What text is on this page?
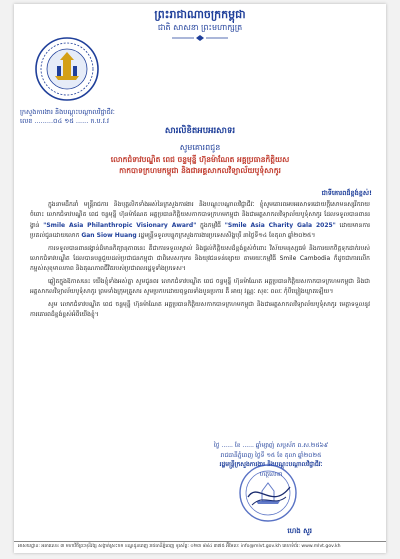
ព្រះរាជាណាចក្រកម្ពុជា
ជាតិ សាសនា ព្រះមហាក្សត្រ
ក្រសួងការងារ និងបណ្តុះបណ្តាលវិជ្ជាជីវៈ
លេខ .........០៤ ១៥ ...... ក.ប.វ.វ
សារលិខិតអបអរសាទរ
សូមគោរពជូន
លោកជំទាវបណ្ឌិត ពេជ ចន្ទមុន្នី ហ៊ុនម៉ាណែត អគ្គប្រធានកិត្តិយស
កាកបាទក្រហមកម្ពុជា និងជាអគ្គសាកលវិទ្យាល័យបូទុំសាកូរ
ជាទីគោរពដ៏ខ្ពង់ខ្ពស់!

ក្នុងនាមដឹកនាំ មន្ត្រីរាជការ និងបុគ្គលិកទាំងអស់នៃក្រសួងការងារ និងបណ្តុះបណ្តាលវិជ្ជាជីវៈ ខ្ញុំសូមគោរពអបអរសាទរដោយក្តីសោមនស្សរីករាយ ចំពោះ លោកជំទាវបណ្ឌិត ពេជ ចន្ទមុន្នី ហ៊ុនម៉ាណែត អគ្គប្រធានកិត្តិយសកាកបាទក្រហមកម្ពុជា និងជាអគ្គសាកលវិទ្យាល័យបូទុំសាកូរ ដែលទទួលបានពានរង្វាន់ "Smile Asia Philanthropic Visionary Award" ក្នុងកម្មវិធី "Smile Asia Charity Gala 2025" ដោយមានការប្រគល់ជូនដោយលោក Gan Siow Huang រដ្ឋមន្ត្រីទទួលបន្ទុកក្រសួងការងារប្រទេសសិង្ហបុរី នាថ្ងៃទី១៤ ខែតុលា ឆ្នាំ២០២៥។

ការទទួលបានពានរង្វាន់ដ៏មានកិត្យានុភាពនេះ គឺជាការទទួលស្គាល់ និងផ្តល់កិត្តិយសដ៏ខ្ពង់ខ្ពស់ចំពោះ វិស័យមនុស្សធម៌ និងការយកចិត្តទុកដាក់របស់ លោកជំទាវបណ្ឌិត ដែលបានបន្តជួយដល់ប្រជាជនកម្ពុជា ជាពិសេសកុមារ និងយុវជនទន់ខ្សោយ តាមរយៈកម្មវិធី Smile Cambodia ក៏ដូចជាការលើកកម្ពស់សុខុមាលភាព និងគុណភាពជីវិតរបស់ប្រជាពលរដ្ឋទូទាំងប្រទេស។

ឆ្លៀតក្នុងឱកាសនេះ យើងខ្ញុំទាំងអស់គ្នា សូមជូនពរ លោកជំទាវបណ្ឌិត ពេជ ចន្ទមុន្នី ហ៊ុនម៉ាណែត អគ្គប្រធានកិត្តិយសកាកបាទក្រហមកម្ពុជា និងជាអគ្គសាកលវិទ្យាល័យបូទុំសាកូរ ព្រមទាំងក្រុមគ្រួសារ សូមប្រកបដោយពុទ្ធពរទាំងបួនប្រការ គឺ អាយុ វណ្ណៈ សុខៈ ពលៈ កុំបីឃ្លៀងឃ្លាតឡើយ។

សូម លោកជំទាវបណ្ឌិត ពេជ ចន្ទមុន្នី ហ៊ុនម៉ាណែត អគ្គប្រធានកិត្តិយសកាកបាទក្រហមកម្ពុជា និងជាអគ្គសាកលវិទ្យាល័យបូទុំសាកូរ មេត្តាទទួលនូវការគោរពដ៏ខ្ពង់ខ្ពស់អំពីយើងខ្ញុំ។

ថ្ងៃ ...... ខែ ...... ឆ្នាំម្សាញ់ សប្តស័ក ព.ស.២៥៦៩
រាជធានីភ្នំពេញ ថ្ងៃទី ១៥ ខែ តុលា ឆ្នាំ២០២៥
រដ្ឋមន្ត្រីក្រសួងការងារ និងបណ្តុះបណ្តាលវិជ្ជាជីវៈ
ហត្ថលេខា
ហេង សួរ
អាសយដ្ឋាន: អគារលេខ ៣ មហាវិថីព្រះមុនីវង្ស សង្កាត់ស្រះចក ខណ្ឌដូនពេញ រាជធានីភ្នំពេញ ទូរស័ព្ទ: ០២៣ ៨៨៤ ៣៧៥ អ៊ីមែល: info@mlvt.gov.kh គេហទំព័រ: www.mlvt.gov.kh
